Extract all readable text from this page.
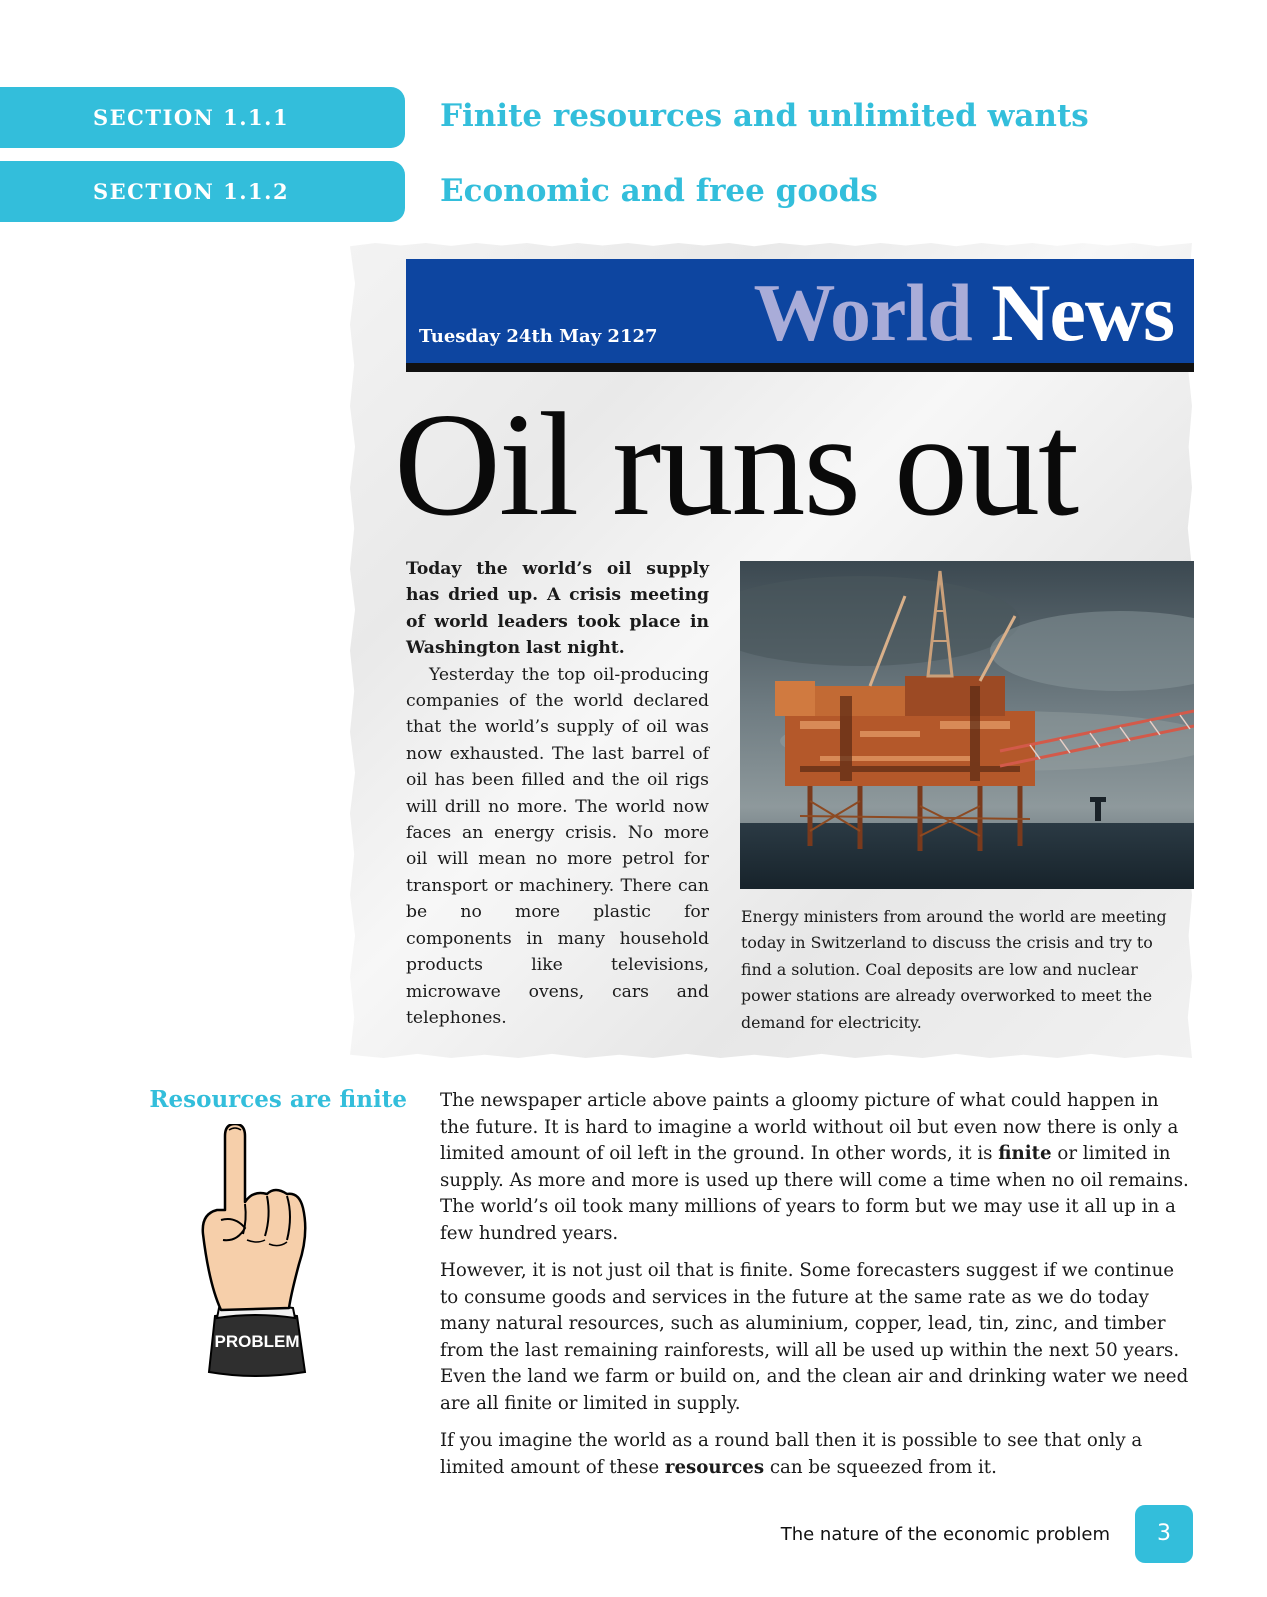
SECTION 1.1.1	Finite resources and unlimited wants
SECTION 1.1.2	Economic and free goods
Tuesday 24th May 2127 World News
Oil runs out

Today the world’s oil supply has dried up. A crisis meeting of world leaders took place in Washington last night.

Yesterday the top oil-producing companies of the world declared that the world’s supply of oil was now exhausted. The last barrel of oil has been filled and the oil rigs will drill no more. The world now faces an energy crisis. No more oil will mean no more petrol for transport or machinery. There can be no more plastic for components in many household products like televisions, microwave ovens, cars and telephones.

Energy ministers from around the world are meeting today in Switzerland to discuss the crisis and try to find a solution. Coal deposits are low and nuclear power stations are already overworked to meet the demand for electricity.
Resources are finite
PROBLEM

The newspaper article above paints a gloomy picture of what could happen in the future. It is hard to imagine a world without oil but even now there is only a limited amount of oil left in the ground. In other words, it is finite or limited in supply. As more and more is used up there will come a time when no oil remains. The world’s oil took many millions of years to form but we may use it all up in a few hundred years.

However, it is not just oil that is finite. Some forecasters suggest if we continue to consume goods and services in the future at the same rate as we do today many natural resources, such as aluminium, copper, lead, tin, zinc, and timber from the last remaining rainforests, will all be used up within the next 50 years. Even the land we farm or build on, and the clean air and drinking water we need are all finite or limited in supply.

If you imagine the world as a round ball then it is possible to see that only a limited amount of these resources can be squeezed from it.

The nature of the economic problem	3
